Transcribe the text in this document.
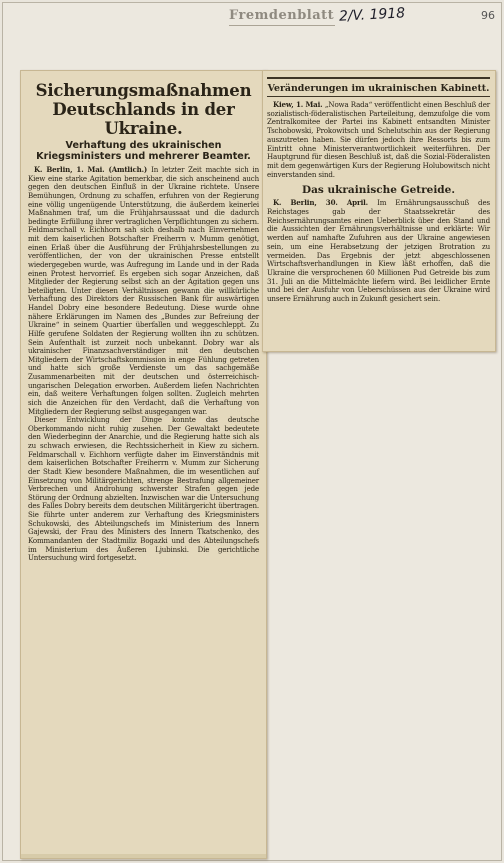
Fremdenblatt 2/V. 1918	96
Sicherungsmaßnahmen Deutschlands in der Ukraine.
Verhaftung des ukrainischen Kriegsministers und mehrerer Beamter.

K. Berlin, 1. Mai. (Amtlich.) In letzter Zeit machte sich in Kiew eine starke Agitation bemerkbar, die sich anscheinend auch gegen den deutschen Einfluß in der Ukraine richtete. Unsere Bemühungen, Ordnung zu schaffen, erfuhren von der Regierung eine völlig ungenügende Unterstützung, die äußerdem keinerlei Maßnahmen traf, um die Frühjahrsaussaat und die dadurch bedingte Erfüllung ihrer vertraglichen Verpflichtungen zu sichern. Feldmarschall v. Eichhorn sah sich deshalb nach Einvernehmen mit dem kaiserlichen Botschafter Freiherrn v. Mumm genötigt, einen Erlaß über die Ausführung der Frühjahrsbestellungen zu veröffentlichen, der von der ukrainischen Presse entstellt wiedergegeben wurde, was Aufregung im Lande und in der Rada einen Protest hervorrief. Es ergeben sich sogar Anzeichen, daß Mitglieder der Regierung selbst sich an der Agitation gegen uns beteiligten. Unter diesen Verhältnissen gewann die willkürliche Verhaftung des Direktors der Russischen Bank für auswärtigen Handel Dobry eine besondere Bedeutung. Diese wurde ohne nähere Erklärungen im Namen des „Bundes zur Befreiung der Ukraine“ in seinem Quartier überfallen und weggeschleppt. Zu Hilfe gerufene Soldaten der Regierung wollten ihn zu schützen. Sein Aufenthalt ist zurzeit noch unbekannt. Dobry war als ukrainischer Finanzsachverständiger mit den deutschen Mitgliedern der Wirtschaftskommission in enge Fühlung getreten und hatte sich große Verdienste um das sachgemäße Zusammenarbeiten mit der deutschen und österreichisch-ungarischen Delegation erworben. Außerdem liefen Nachrichten ein, daß weitere Verhaftungen folgen sollten. Zugleich mehrten sich die Anzeichen für den Verdacht, daß die Verhaftung von Mitgliedern der Regierung selbst ausgegangen war.

Dieser Entwicklung der Dinge konnte das deutsche Oberkommando nicht ruhig zusehen. Der Gewaltakt bedeutete den Wiederbeginn der Anarchie, und die Regierung hatte sich als zu schwach erwiesen, die Rechtssicherheit in Kiew zu sichern. Feldmarschall v. Eichhorn verfügte daher im Einverständnis mit dem kaiserlichen Botschafter Freiherrn v. Mumm zur Sicherung der Stadt Kiew besondere Maßnahmen, die im wesentlichen auf Einsetzung von Militärgerichten, strenge Bestrafung allgemeiner Verbrechen und Androhung schwerster Strafen gegen jede Störung der Ordnung abzielten. Inzwischen war die Untersuchung des Falles Dobry bereits dem deutschen Militärgericht übertragen. Sie führte unter anderem zur Verhaftung des Kriegsministers Schukowski, des Abteilungschefs im Ministerium des Innern Gajewski, der Frau des Ministers des Innern Tkatschenko, des Kommandanten der Stadtmiliz Bogazki und des Abteilungschefs im Ministerium des Äußeren Ljubinski. Die gerichtliche Untersuchung wird fortgesetzt.

Veränderungen im ukrainischen Kabinett.

Kiew, 1. Mai. „Nowa Rada“ veröffentlicht einen Beschluß der sozialistisch-föderalistischen Parteileitung, demzufolge die vom Zentralkomitee der Partei ins Kabinett entsandten Minister Tschobowski, Prokowitsch und Schelutschin aus der Regierung auszutreten haben. Sie dürfen jedoch ihre Ressorts bis zum Eintritt ohne Ministerverantwortlichkeit weiterführen. Der Hauptgrund für diesen Beschluß ist, daß die Sozial-Föderalisten mit dem gegenwärtigen Kurs der Regierung Holubowitsch nicht einverstanden sind.

Das ukrainische Getreide.

K. Berlin, 30. April. Im Ernährungsausschuß des Reichstages gab der Staatssekretär des Reichsernährungsamtes einen Ueberblick über den Stand und die Aussichten der Ernährungsverhältnisse und erklärte: Wir werden auf namhafte Zufuhren aus der Ukraine angewiesen sein, um eine Herabsetzung der jetzigen Brotration zu vermeiden. Das Ergebnis der jetzt abgeschlossenen Wirtschaftsverhandlungen in Kiew läßt erhoffen, daß die Ukraine die versprochenen 60 Millionen Pud Getreide bis zum 31. Juli an die Mittelmächte liefern wird. Bei leidlicher Ernte und bei der Ausfuhr von Ueberschüssen aus der Ukraine wird unsere Ernährung auch in Zukunft gesichert sein.
